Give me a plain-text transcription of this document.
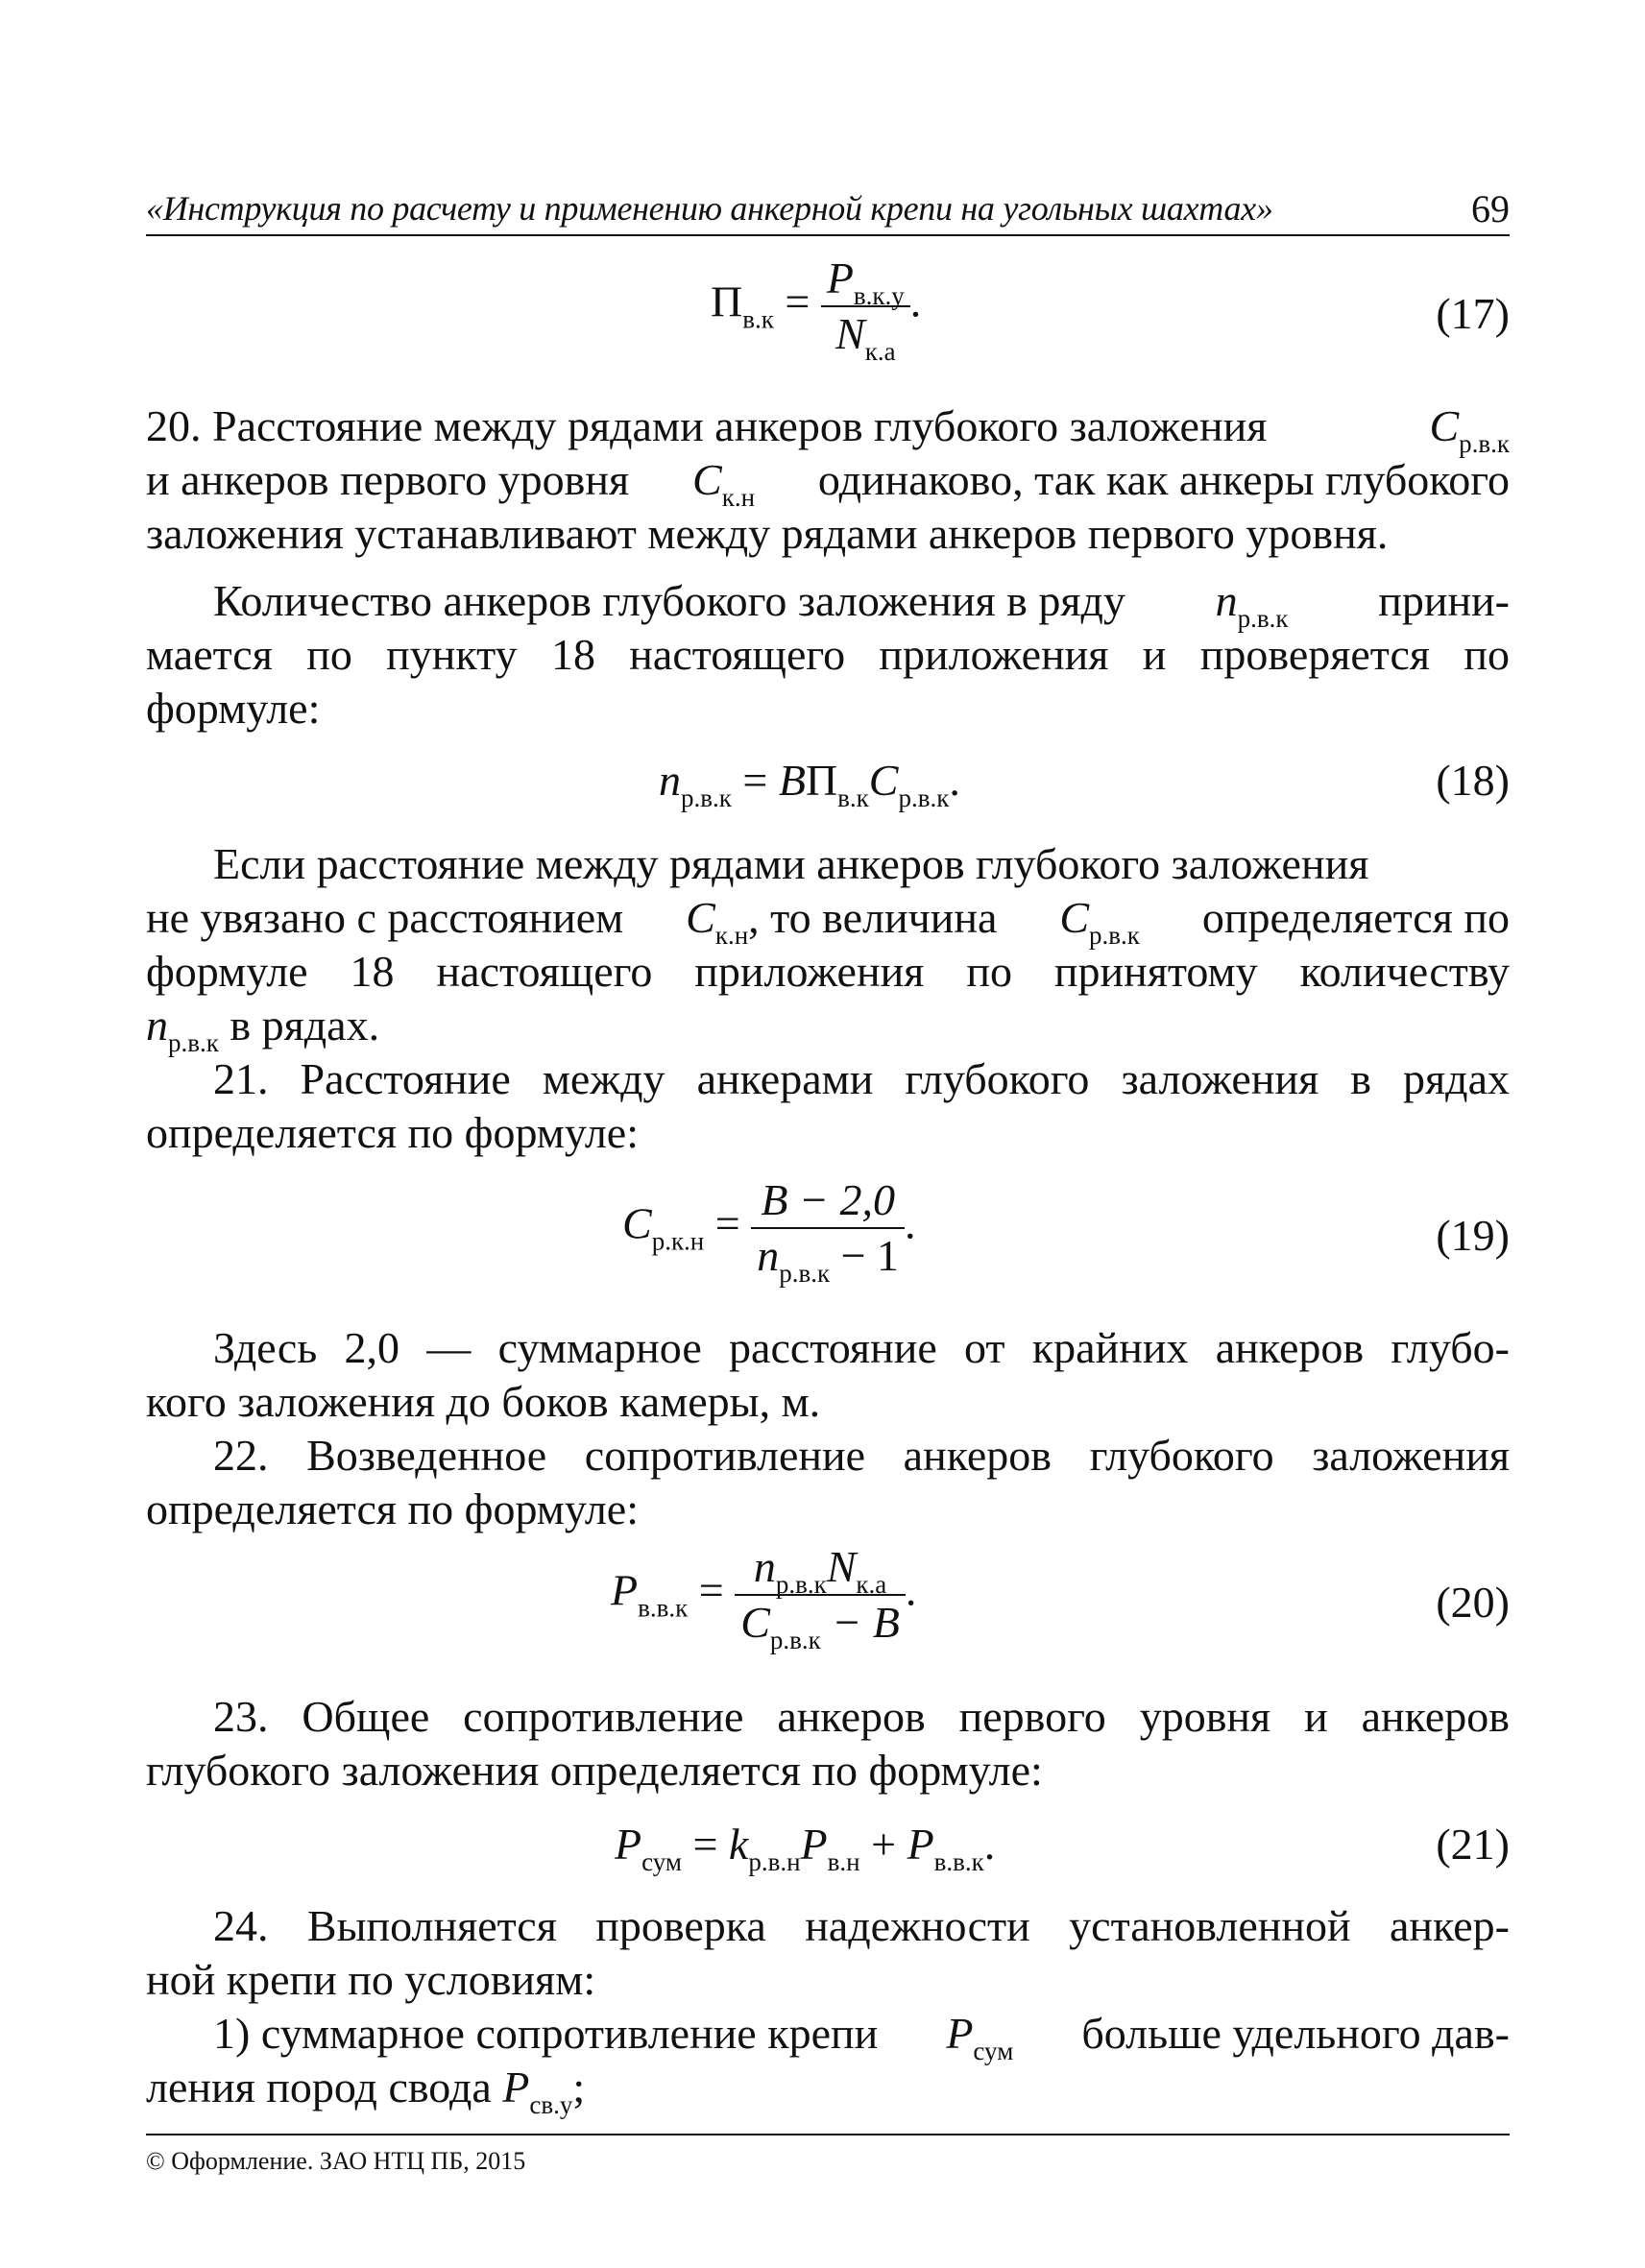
«Инструкция по расчету и применению анкерной крепи на угольных шахтах»	69
$П_{в.к} = \frac{P_{в.к.у}}{N_{к.а}}$ .	(17)
20. Расстояние между рядами анкеров глубокого заложения	$C_{р.в.к}$
и анкеров первого уровня $C_{к.н}$ одинаково, так как анкеры глубокого
заложения устанавливают между рядами анкеров первого уровня.
Количество анкеров глубокого заложения в ряду $n_{р.в.к}$ прини-
мается по пункту 18 настоящего приложения и проверяется по
формуле:
$n_{р.в.к} = BП_{в.к}C_{р.в.к}$.	(18)
Если расстояние между рядами анкеров глубокого заложения
не увязано с расстоянием $C_{к.н}$, то величина $C_{р.в.к}$ определяется по
формуле 18 настоящего приложения по принятому количеству
$n_{р.в.к}$ в рядах.
21. Расстояние между анкерами глубокого заложения в рядах
определяется по формуле:
$C_{р.к.н} = \frac{B - 2,0}{n_{р.в.к} - 1}$ .	(19)
Здесь 2,0 — суммарное расстояние от крайних анкеров глубо-
кого заложения до боков камеры, м.
22. Возведенное сопротивление анкеров глубокого заложения
определяется по формуле:
$P_{в.в.к} = \frac{n_{р.в.к}N_{к.а}}{C_{р.в.к} - B}$ .	(20)
23. Общее сопротивление анкеров первого уровня и анкеров
глубокого заложения определяется по формуле:
$P_{сум} = k_{р.в.н}P_{в.н} + P_{в.в.к}$.	(21)
24. Выполняется проверка надежности установленной анкер-
ной крепи по условиям:
1) суммарное сопротивление крепи $P_{сум}$ больше удельного дав-
ления пород свода $P_{св.у}$;
© Оформление. ЗАО НТЦ ПБ, 2015
